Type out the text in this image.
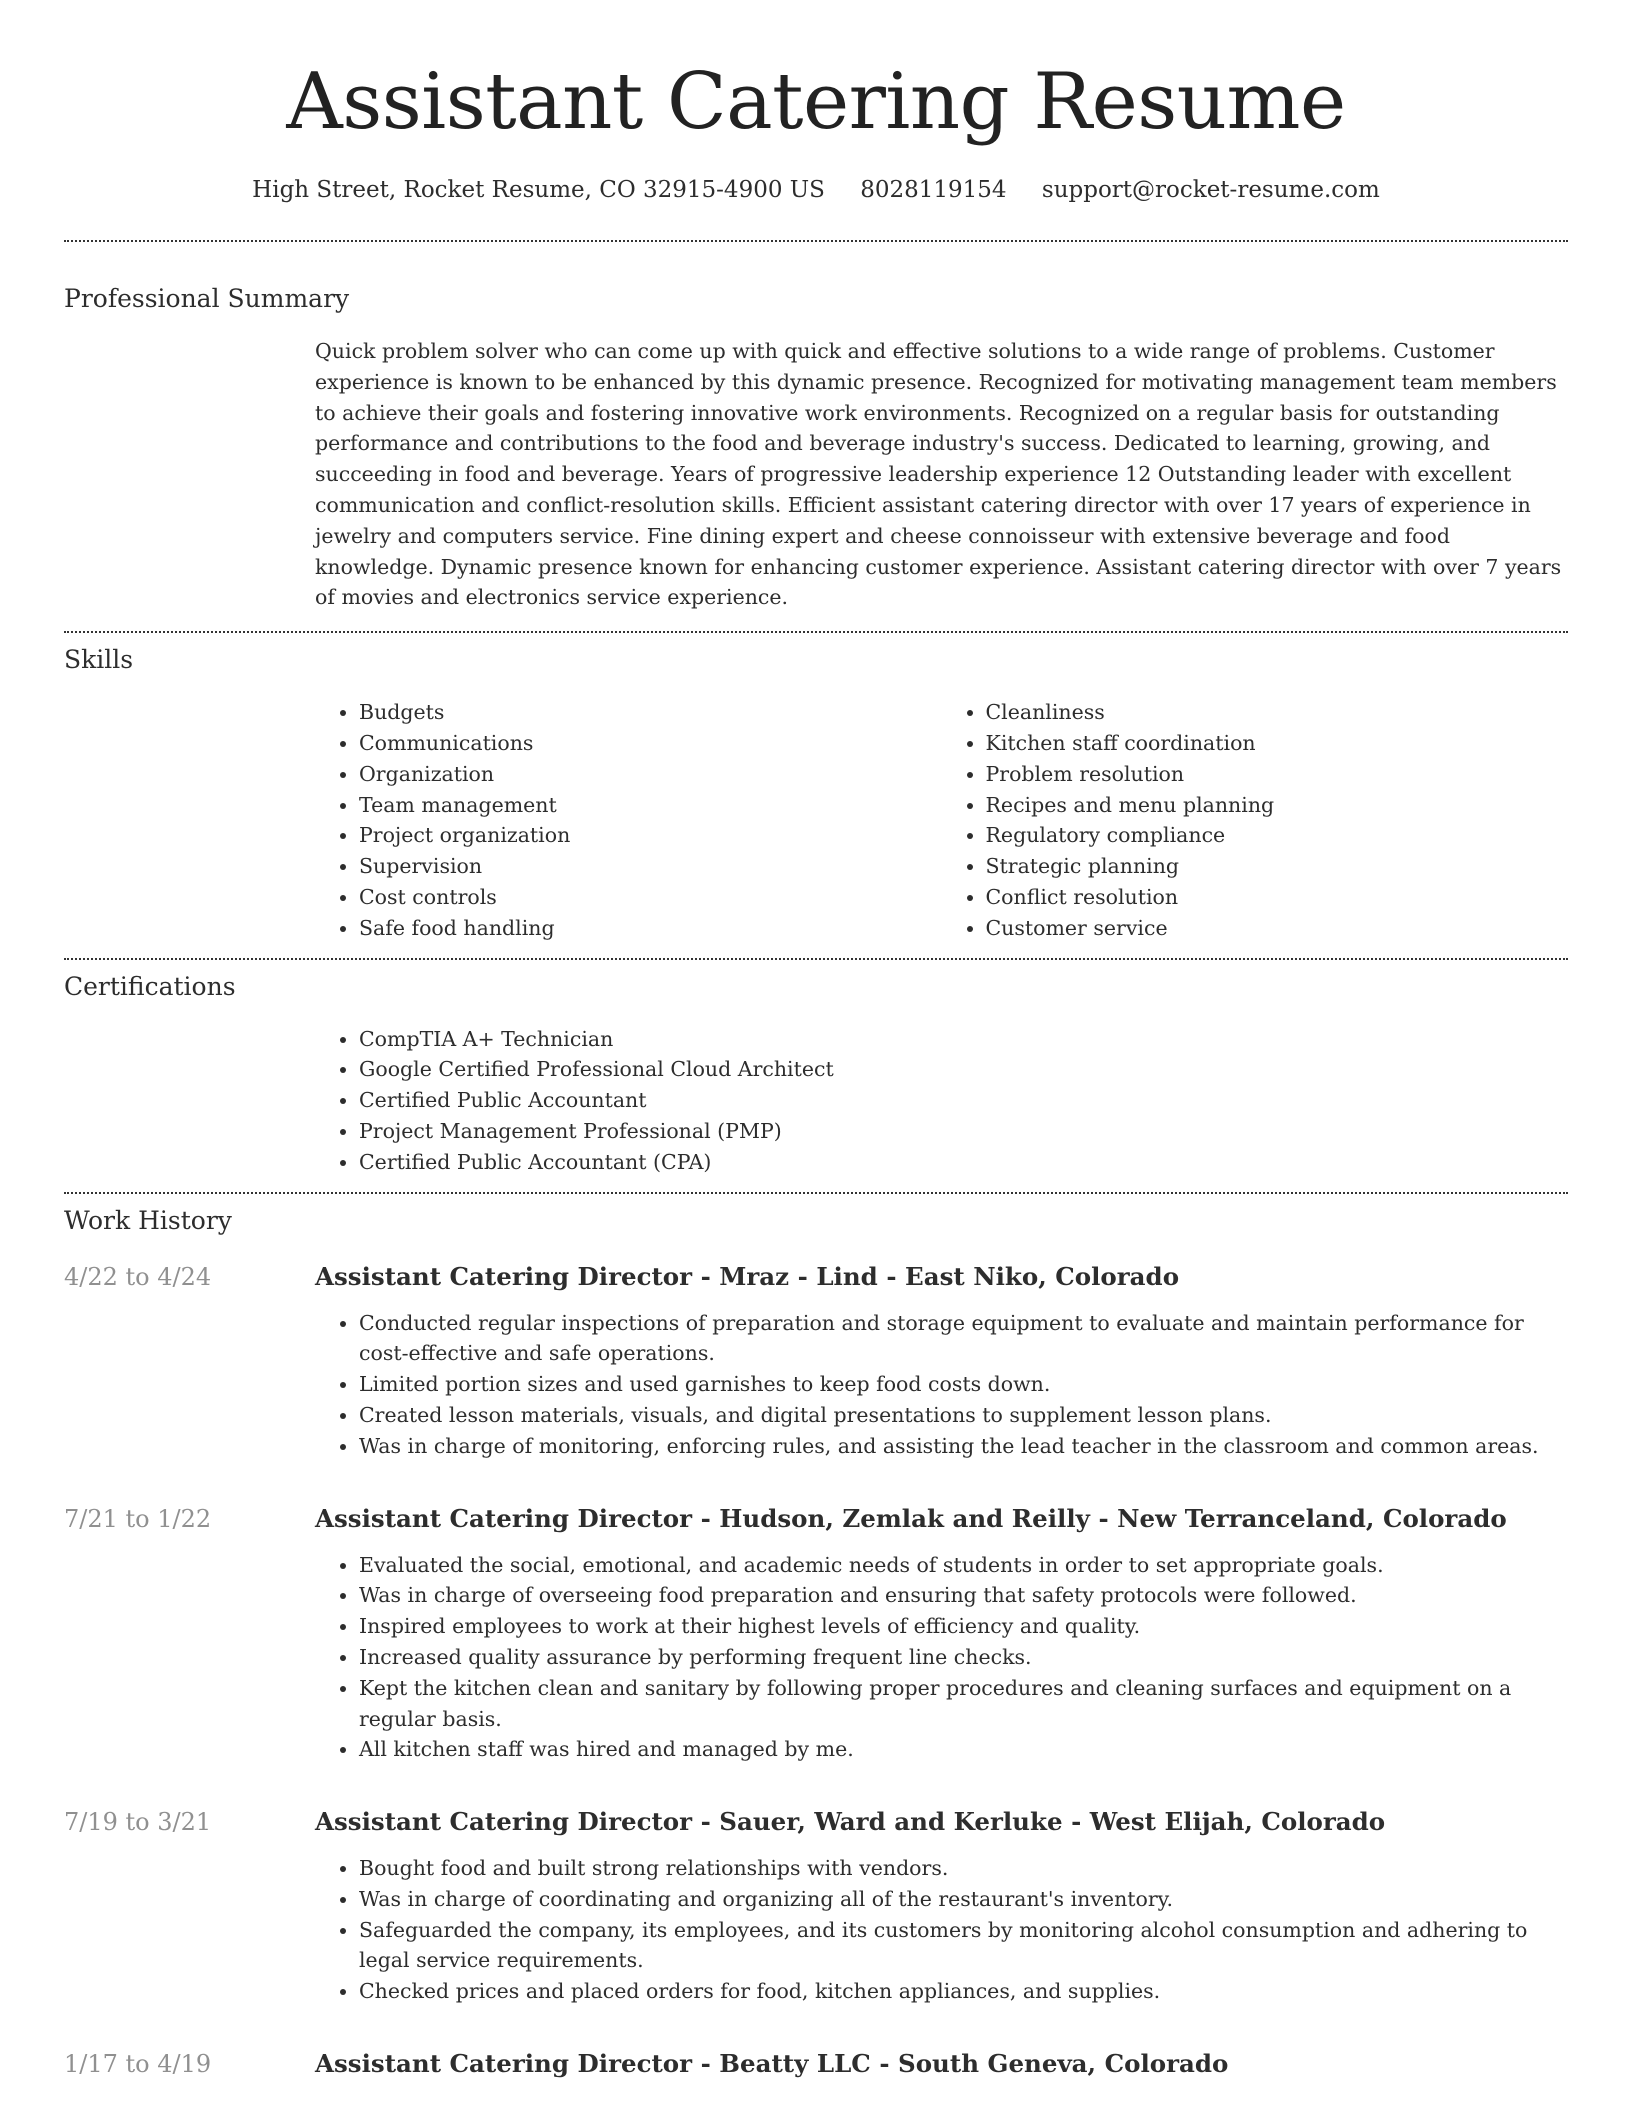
Assistant Catering Resume
High Street, Rocket Resume, CO 32915-4900 US 8028119154 support@rocket-resume.com
Professional Summary

Quick problem solver who can come up with quick and effective solutions to a wide range of problems. Customer experience is known to be enhanced by this dynamic presence. Recognized for motivating management team members to achieve their goals and fostering innovative work environments. Recognized on a regular basis for outstanding performance and contributions to the food and beverage industry's success. Dedicated to learning, growing, and succeeding in food and beverage. Years of progressive leadership experience 12 Outstanding leader with excellent communication and conflict-resolution skills. Efficient assistant catering director with over 17 years of experience in jewelry and computers service. Fine dining expert and cheese connoisseur with extensive beverage and food knowledge. Dynamic presence known for enhancing customer experience. Assistant catering director with over 7 years of movies and electronics service experience.

Skills
• Budgets
• Communications
• Organization
• Team management
• Project organization
• Supervision
• Cost controls
• Safe food handling
• Cleanliness
• Kitchen staff coordination
• Problem resolution
• Recipes and menu planning
• Regulatory compliance
• Strategic planning
• Conflict resolution
• Customer service
Certifications
• CompTIA A+ Technician
• Google Certified Professional Cloud Architect
• Certified Public Accountant
• Project Management Professional (PMP)
• Certified Public Accountant (CPA)
Work History
4/22 to 4/24	Assistant Catering Director - Mraz - Lind - East Niko, Colorado
• Conducted regular inspections of preparation and storage equipment to evaluate and maintain performance for cost-effective and safe operations.
• Limited portion sizes and used garnishes to keep food costs down.
• Created lesson materials, visuals, and digital presentations to supplement lesson plans.
• Was in charge of monitoring, enforcing rules, and assisting the lead teacher in the classroom and common areas.
7/21 to 1/22	Assistant Catering Director - Hudson, Zemlak and Reilly - New Terranceland, Colorado
• Evaluated the social, emotional, and academic needs of students in order to set appropriate goals.
• Was in charge of overseeing food preparation and ensuring that safety protocols were followed.
• Inspired employees to work at their highest levels of efficiency and quality.
• Increased quality assurance by performing frequent line checks.
• Kept the kitchen clean and sanitary by following proper procedures and cleaning surfaces and equipment on a regular basis.
• All kitchen staff was hired and managed by me.
7/19 to 3/21	Assistant Catering Director - Sauer, Ward and Kerluke - West Elijah, Colorado
• Bought food and built strong relationships with vendors.
• Was in charge of coordinating and organizing all of the restaurant's inventory.
• Safeguarded the company, its employees, and its customers by monitoring alcohol consumption and adhering to legal service requirements.
• Checked prices and placed orders for food, kitchen appliances, and supplies.
1/17 to 4/19	Assistant Catering Director - Beatty LLC - South Geneva, Colorado
